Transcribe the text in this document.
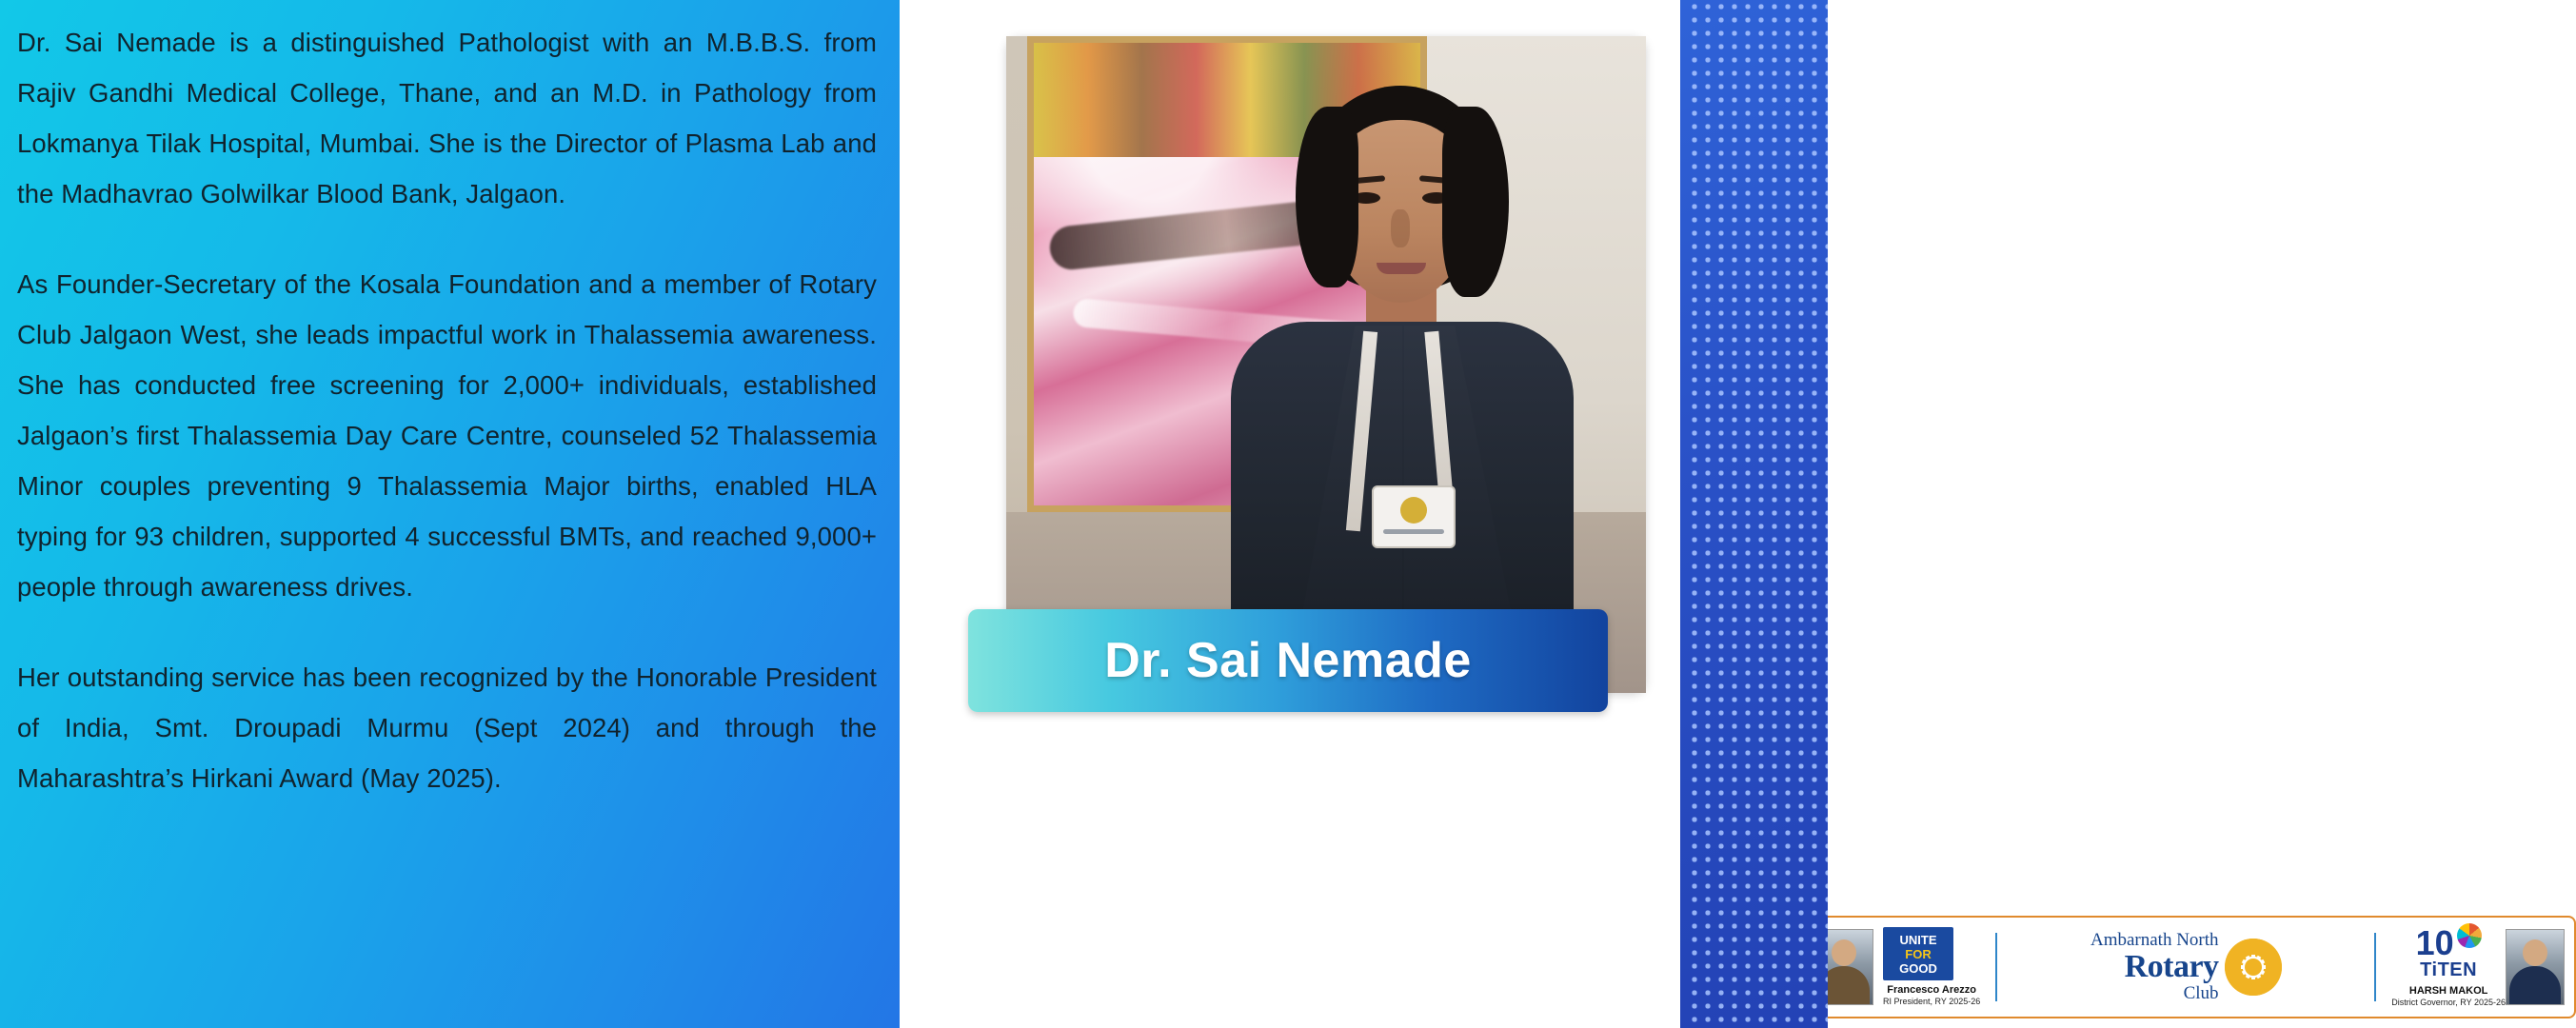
Dr. Sai Nemade is a distinguished Pathologist with an M.B.B.S. from Rajiv Gandhi Medical College, Thane, and an M.D. in Pathology from Lokmanya Tilak Hospital, Mumbai. She is the Director of Plasma Lab and the Madhavrao Golwilkar Blood Bank, Jalgaon.

As Founder-Secretary of the Kosala Foundation and a member of Rotary Club Jalgaon West, she leads impactful work in Thalassemia awareness. She has conducted free screening for 2,000+ individuals, established Jalgaon’s first Thalassemia Day Care Centre, counseled 52 Thalassemia Minor couples preventing 9 Thalassemia Major births, enabled HLA typing for 93 children, supported 4 successful BMTs, and reached 9,000+ people through awareness drives.

Her outstanding service has been recognized by the Honorable President of India, Smt. Droupadi Murmu (Sept 2024) and through the Maharashtra’s Hirkani Award (May 2025).

Dr. Sai Nemade
UNITE
FOR
GOOD
Francesco Arezzo
RI President, RY 2025-26
Ambarnath North
Rotary
Club
10
TiTEN
HARSH MAKOL
District Governor, RY 2025-26
